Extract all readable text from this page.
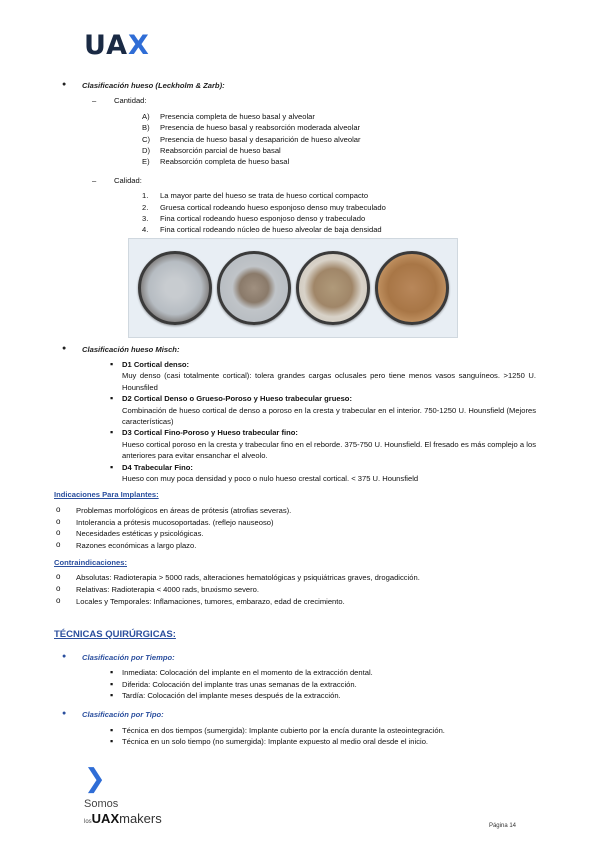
UAX
● Clasificación hueso (Leckholm & Zarb):
– Cantidad:
A) Presencia completa de hueso basal y alveolar
B) Presencia de hueso basal y reabsorción moderada alveolar
C) Presencia de hueso basal y desaparición de hueso alveolar
D) Reabsorción parcial de hueso basal
E) Reabsorción completa de hueso basal
– Calidad:
1. La mayor parte del hueso se trata de hueso cortical compacto
2. Gruesa cortical rodeando hueso esponjoso denso muy trabeculado
3. Fina cortical rodeando hueso esponjoso denso y trabeculado
4. Fina cortical rodeando núcleo de hueso alveolar de baja densidad
● Clasificación hueso Misch:
▪ D1 Cortical denso:
Muy denso (casi totalmente cortical): tolera grandes cargas oclusales pero tiene menos vasos sanguíneos. >1250 U. Hounsfiled
▪ D2 Cortical Denso o Grueso-Poroso y Hueso trabecular grueso:
Combinación de hueso cortical de denso a poroso en la cresta y trabecular en el interior. 750-1250 U. Hounsfield (Mejores características)
▪ D3 Cortical Fino-Poroso y Hueso trabecular fino:
Hueso cortical poroso en la cresta y trabecular fino en el reborde. 375-750 U. Hounsfield. El fresado es más complejo a los anteriores para evitar ensanchar el alveolo.
▪ D4 Trabecular Fino:
Hueso con muy poca densidad y poco o nulo hueso crestal cortical. < 375 U. Hounsfield
Indicaciones Para Implantes:
o Problemas morfológicos en áreas de prótesis (atrofias severas).
o Intolerancia a prótesis mucosoportadas. (reflejo nauseoso)
o Necesidades estéticas y psicológicas.
o Razones económicas a largo plazo.
Contraindicaciones:
o Absolutas: Radioterapia > 5000 rads, alteraciones hematológicas y psiquiátricas graves, drogadicción.
o Relativas: Radioterapia < 4000 rads, bruxismo severo.
o Locales y Temporales: Inflamaciones, tumores, embarazo, edad de crecimiento.
TÉCNICAS QUIRÚRGICAS:
● Clasificación por Tiempo:
▪ Inmediata: Colocación del implante en el momento de la extracción dental.
▪ Diferida: Colocación del implante tras unas semanas de la extracción.
▪ Tardía: Colocación del implante meses después de la extracción.
● Clasificación por Tipo:
▪ Técnica en dos tiempos (sumergida): Implante cubierto por la encía durante la osteointegración.
▪ Técnica en un solo tiempo (no sumergida): Implante expuesto al medio oral desde el inicio.
❯
Somos
losUAXmakers	Página 14
